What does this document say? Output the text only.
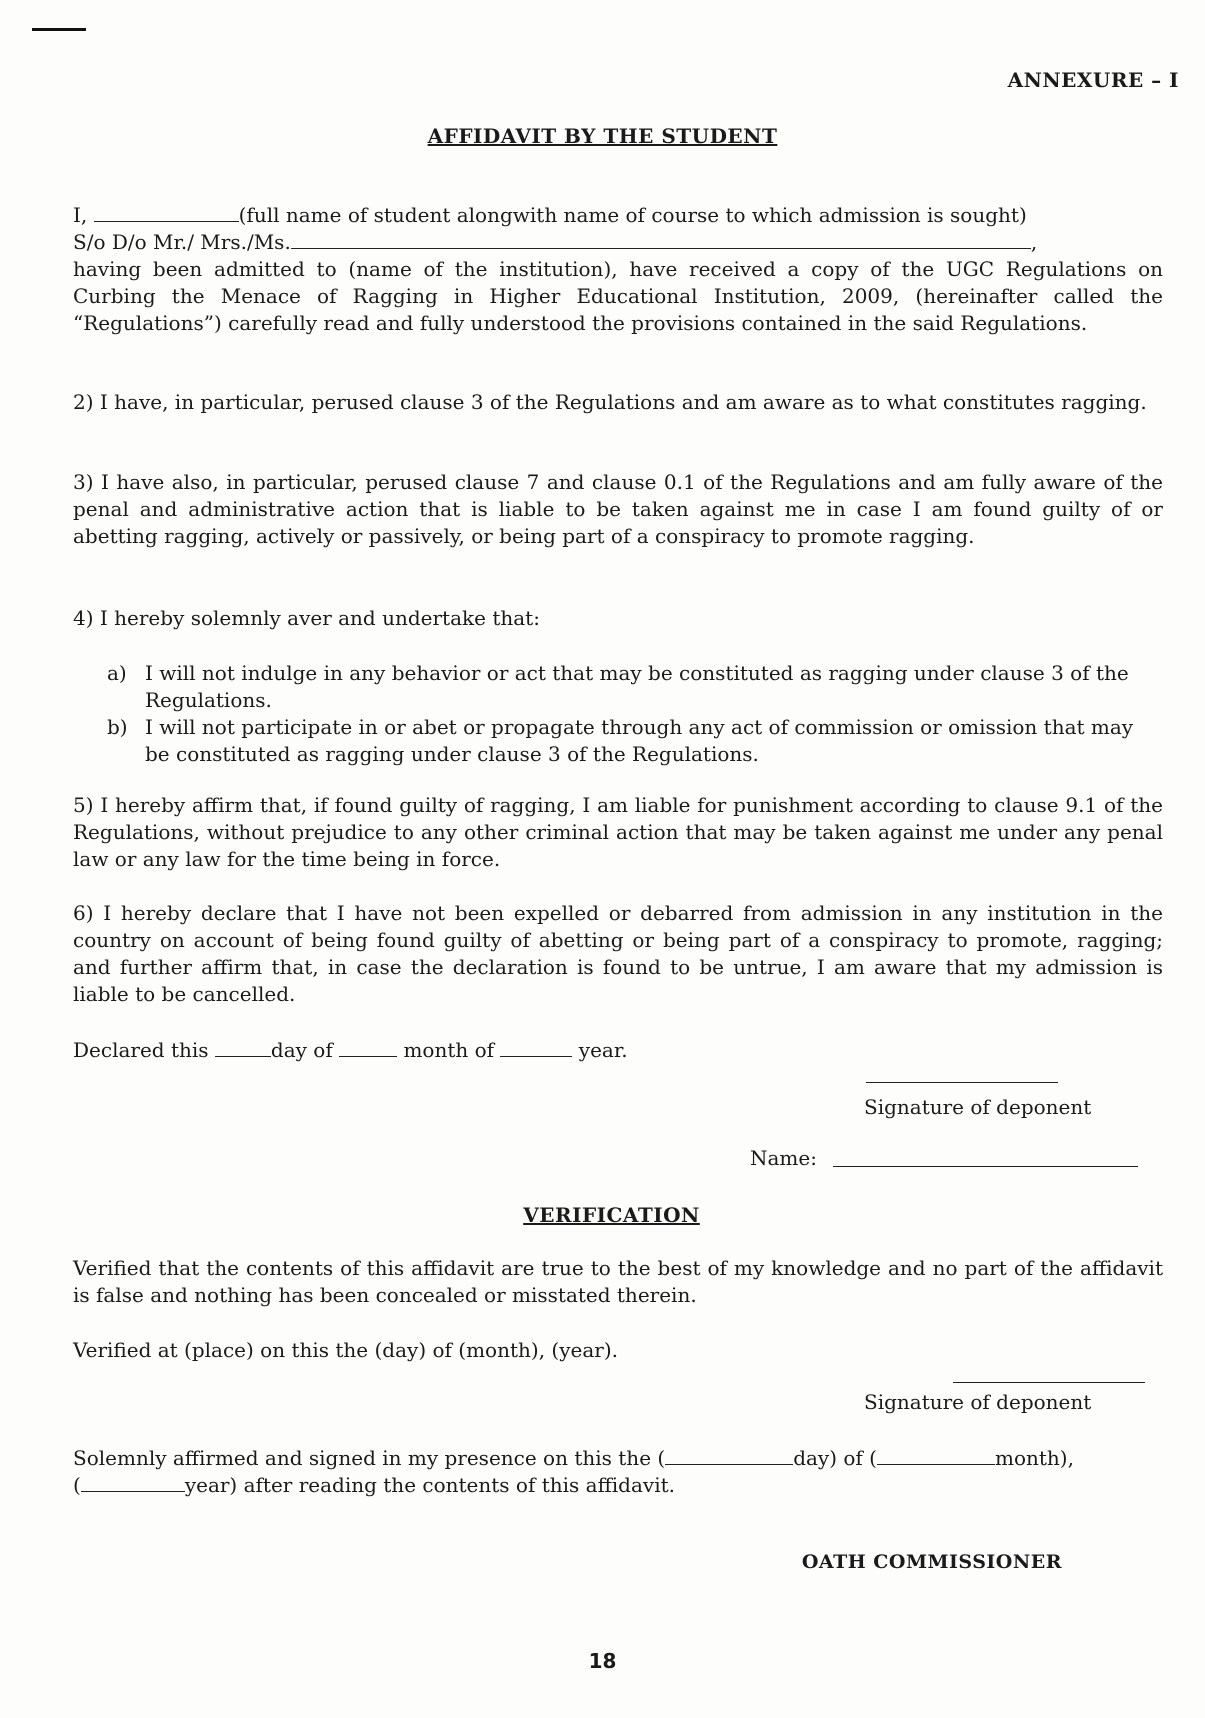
ANNEXURE – I
AFFIDAVIT BY THE STUDENT
I,	(full name of student alongwith name of course to which admission is sought)
S/o D/o Mr./ Mrs./Ms.	,
having been admitted to (name of the institution), have received a copy of the UGC Regulations on Curbing the Menace of Ragging in Higher Educational Institution, 2009, (hereinafter called the “Regulations”) carefully read and fully understood the provisions contained in the said Regulations.
2) I have, in particular, perused clause 3 of the Regulations and am aware as to what constitutes ragging.
3) I have also, in particular, perused clause 7 and clause 0.1 of the Regulations and am fully aware of the penal and administrative action that is liable to be taken against me in case I am found guilty of or abetting ragging, actively or passively, or being part of a conspiracy to promote ragging.
4) I hereby solemnly aver and undertake that:
a) I will not indulge in any behavior or act that may be constituted as ragging under clause 3 of the Regulations.
b) I will not participate in or abet or propagate through any act of commission or omission that may be constituted as ragging under clause 3 of the Regulations.
5) I hereby affirm that, if found guilty of ragging, I am liable for punishment according to clause 9.1 of the Regulations, without prejudice to any other criminal action that may be taken against me under any penal law or any law for the time being in force.
6) I hereby declare that I have not been expelled or debarred from admission in any institution in the country on account of being found guilty of abetting or being part of a conspiracy to promote, ragging; and further affirm that, in case the declaration is found to be untrue, I am aware that my admission is liable to be cancelled.
Declared this	day of	month of	year.
Signature of deponent
Name:
VERIFICATION
Verified that the contents of this affidavit are true to the best of my knowledge and no part of the affidavit is false and nothing has been concealed or misstated therein.
Verified at (place) on this the (day) of (month), (year).
Signature of deponent
Solemnly affirmed and signed in my presence on this the (	day) of (	month),
(	year) after reading the contents of this affidavit.
OATH COMMISSIONER
18
